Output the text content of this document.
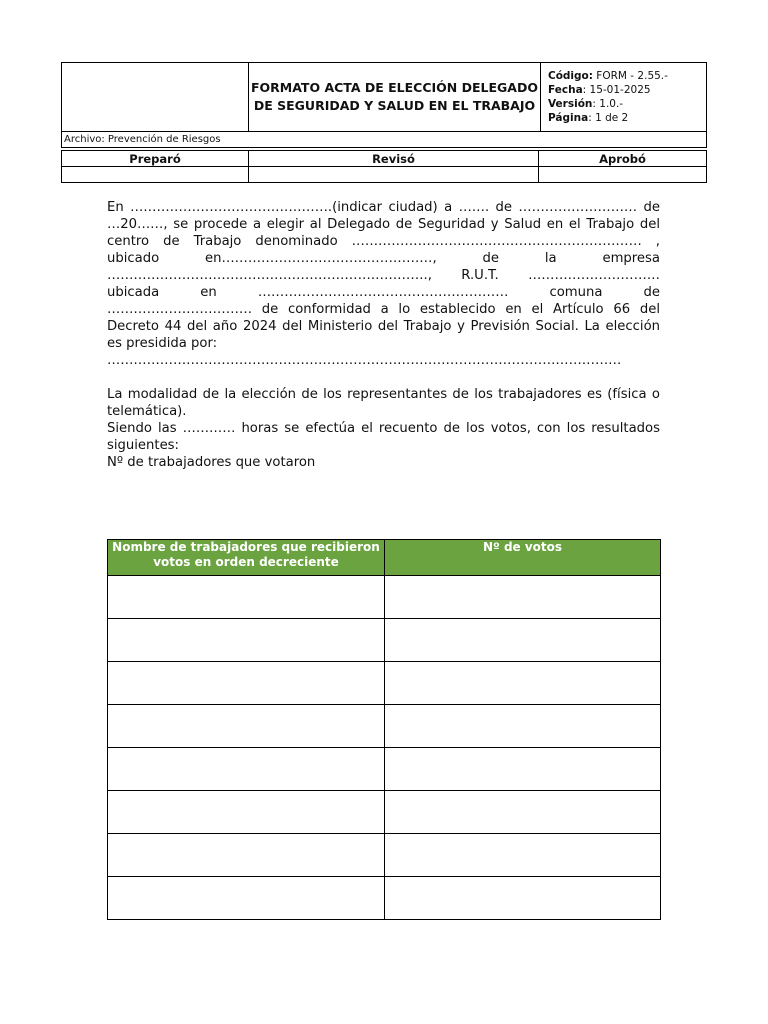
FORMATO ACTA DE ELECCIÓN DELEGADO
DE SEGURIDAD Y SALUD EN EL TRABAJO

Código: FORM - 2.55.-
Fecha: 15-01-2025
Versión: 1.0.-
Página: 1 de 2

Archivo: Prevención de Riesgos
Preparó	Revisó	Aprobó

En ……………………………………….(indicar ciudad) a ……. de ……………………… de …20……, se procede a elegir al Delegado de Seguridad y Salud en el Trabajo del centro de Trabajo denominado ………………………………………………………… , ubicado en…………………………………………, de la empresa ………………………………………………………………., R.U.T. ………………………… ubicada en ………………………………………………… comuna de …………………………… de conformidad a lo establecido en el Artículo 66 del Decreto 44 del año 2024 del Ministerio del Trabajo y Previsión Social. La elección es presidida por:

………………………………………………………………………………………………………

La modalidad de la elección de los representantes de los trabajadores es (física o telemática).

Siendo las ………… horas se efectúa el recuento de los votos, con los resultados siguientes:

Nº de trabajadores que votaron

Nombre de trabajadores que recibieron votos en orden decreciente	Nº de votos
